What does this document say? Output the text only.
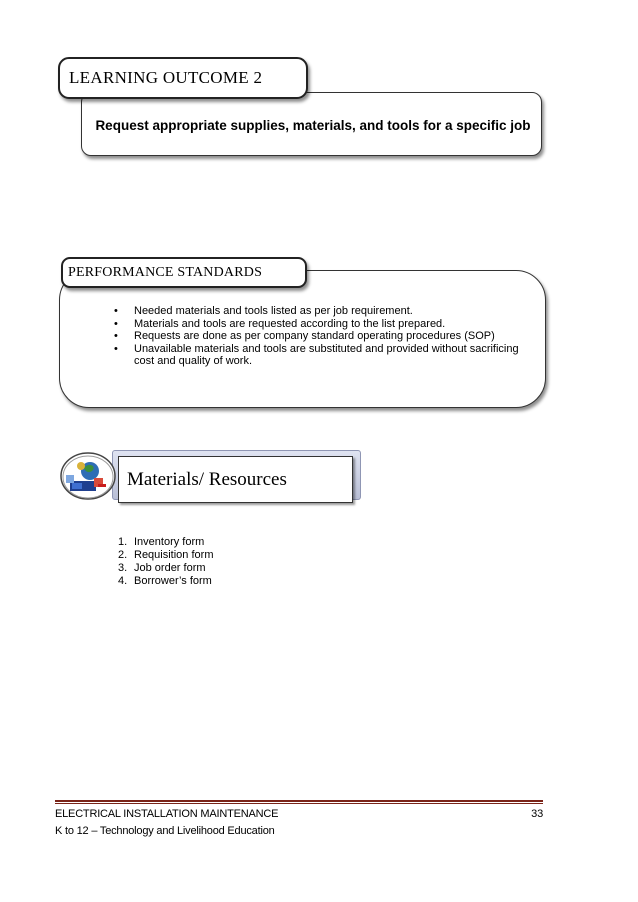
Request appropriate supplies, materials, and tools for a specific job
LEARNING OUTCOME 2
PERFORMANCE STANDARDS
• Needed materials and tools listed as per job requirement.
• Materials and tools are requested according to the list prepared.
• Requests are done as per company standard operating procedures (SOP)
• Unavailable materials and tools are substituted and provided without sacrificing cost and quality of work.
Materials/ Resources
1. Inventory form
2. Requisition form
3. Job order form
4. Borrower’s form
ELECTRICAL INSTALLATION MAINTENANCE	33
K to 12 – Technology and Livelihood Education
